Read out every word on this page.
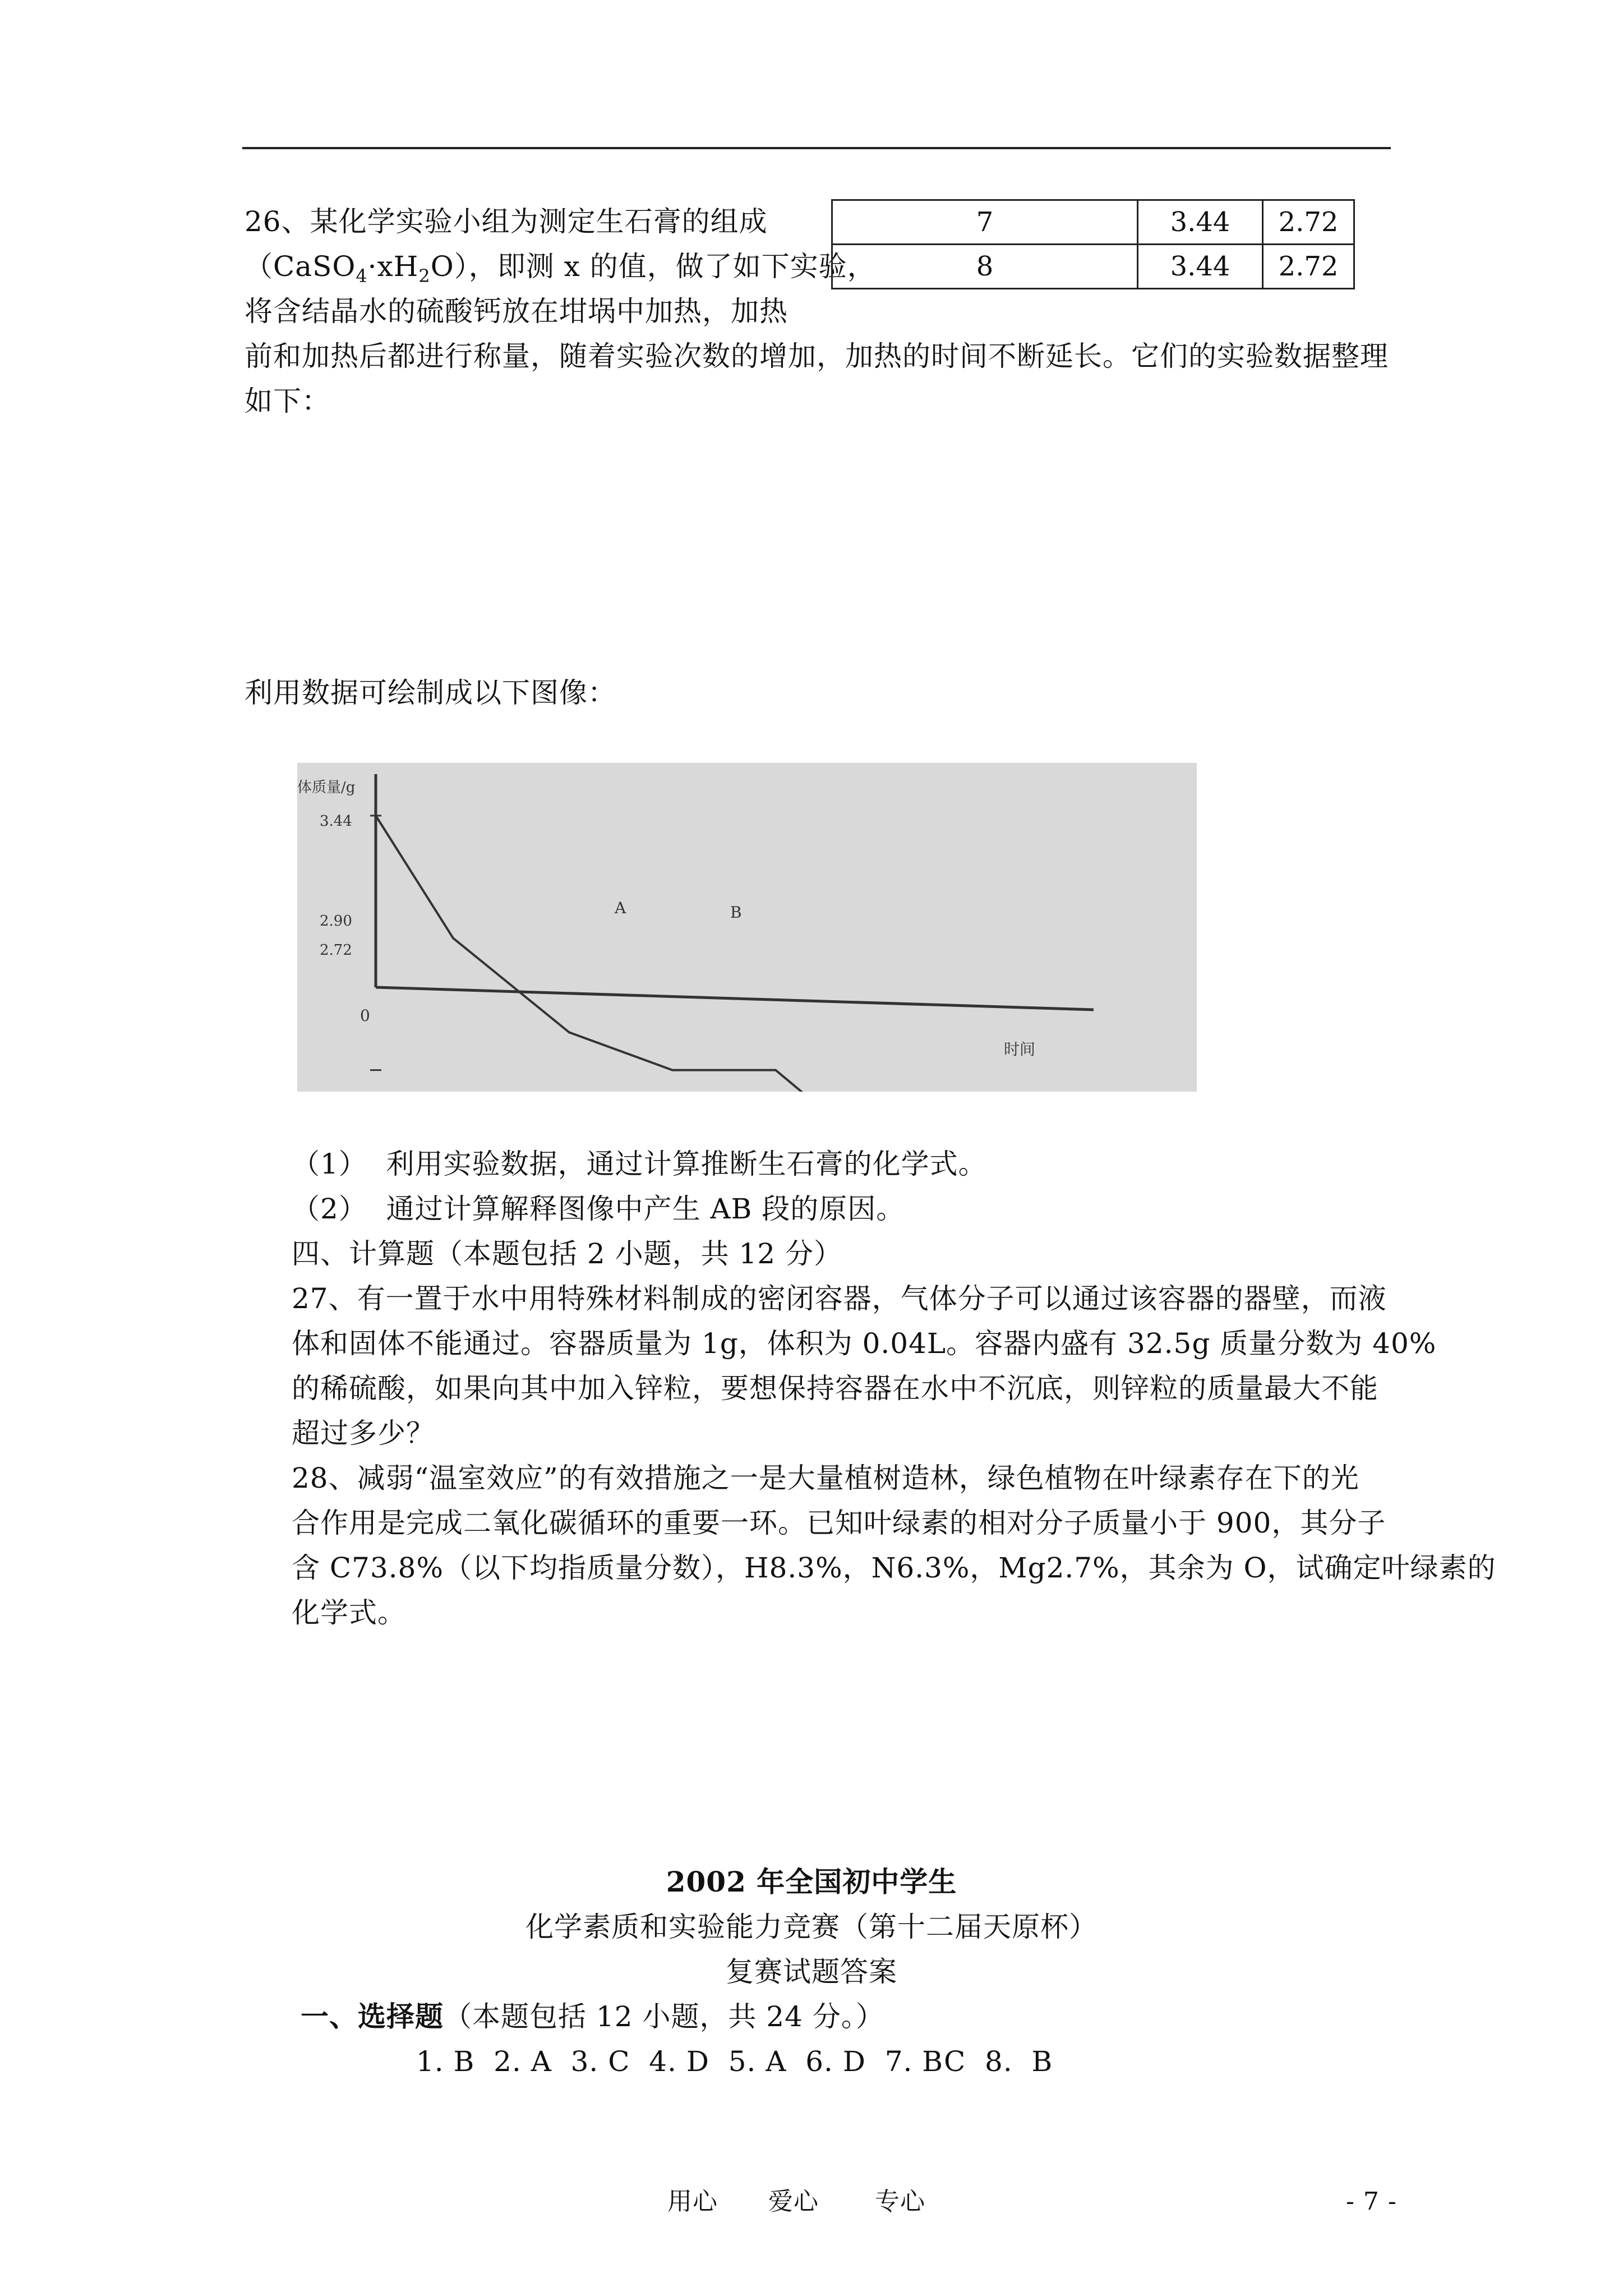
26、某化学实验小组为测定生石膏的组成
$(CaSO_4\cdot xH_2O)$，即测 x 的值，做了如下实验，
将含结晶水的硫酸钙放在坩埚中加热，加热
前和加热后都进行称量，随着实验次数的增加，加热的时间不断延长。它们的实验数据整理
如下：
7	3.44	2.72
8	3.44	2.72
利用数据可绘制成以下图像：
体质量/g
时间
0
3.44
2.90
2.72
A	B
（1）  利用实验数据，通过计算推断生石膏的化学式。
（2）  通过计算解释图像中产生 AB 段的原因。
四、计算题（本题包括 2 小题，共 12 分）
27、有一置于水中用特殊材料制成的密闭容器，气体分子可以通过该容器的器壁，而液
体和固体不能通过。容器质量为 1g，体积为 0.04L。容器内盛有 32.5g 质量分数为 40%
的稀硫酸，如果向其中加入锌粒，要想保持容器在水中不沉底，则锌粒的质量最大不能
超过多少？
28、减弱“温室效应”的有效措施之一是大量植树造林，绿色植物在叶绿素存在下的光
合作用是完成二氧化碳循环的重要一环。已知叶绿素的相对分子质量小于 900，其分子
含 C73.8%（以下均指质量分数），H8.3%，N6.3%，Mg2.7%，其余为 O，试确定叶绿素的
化学式。
2002 年全国初中学生
化学素质和实验能力竞赛（第十二届天原杯）
复赛试题答案
一、选择题（本题包括 12 小题，共 24 分。）
1. B  2. A  3. C  4. D  5. A  6. D  7. BC  8.  B
用心 爱心 专心	- 7 -
